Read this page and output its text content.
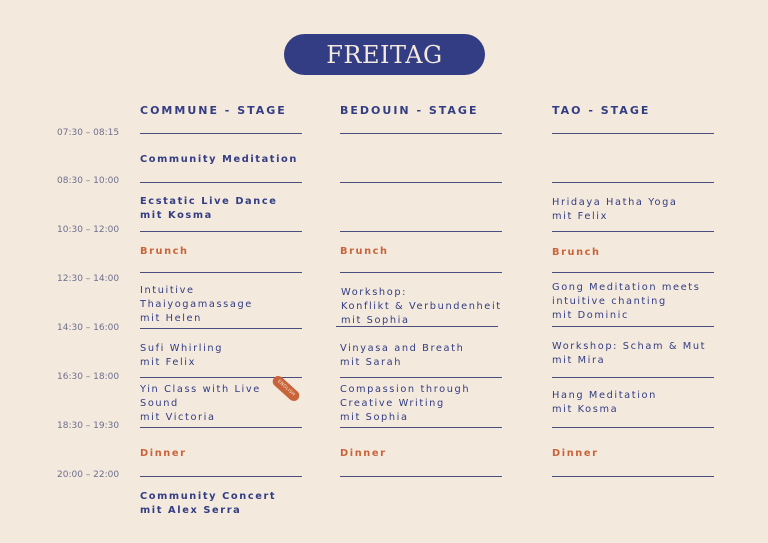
FREITAG
COMMUNE - STAGE	BEDOUIN - STAGE	TAO - STAGE
07:30 – 08:15
08:30 – 10:00
10:30 – 12:00
12:30 – 14:00
14:30 – 16:00
16:30 – 18:00
18:30 – 19:30
20:00 – 22:00
Community Meditation
Ecstatic Live Dance
mit Kosma
Brunch
Intuitive
Thaiyogamassage
mit Helen
Sufi Whirling
mit Felix
Yin Class with Live
Sound
mit Victoria
ENGLISH
Dinner
Community Concert
mit Alex Serra
Brunch
Workshop:
Konflikt & Verbundenheit
mit Sophia
Vinyasa and Breath
mit Sarah
Compassion through
Creative Writing
mit Sophia
Dinner
Hridaya Hatha Yoga
mit Felix
Brunch
Gong Meditation meets
intuitive chanting
mit Dominic
Workshop: Scham & Mut
mit Mira
Hang Meditation
mit Kosma
Dinner
